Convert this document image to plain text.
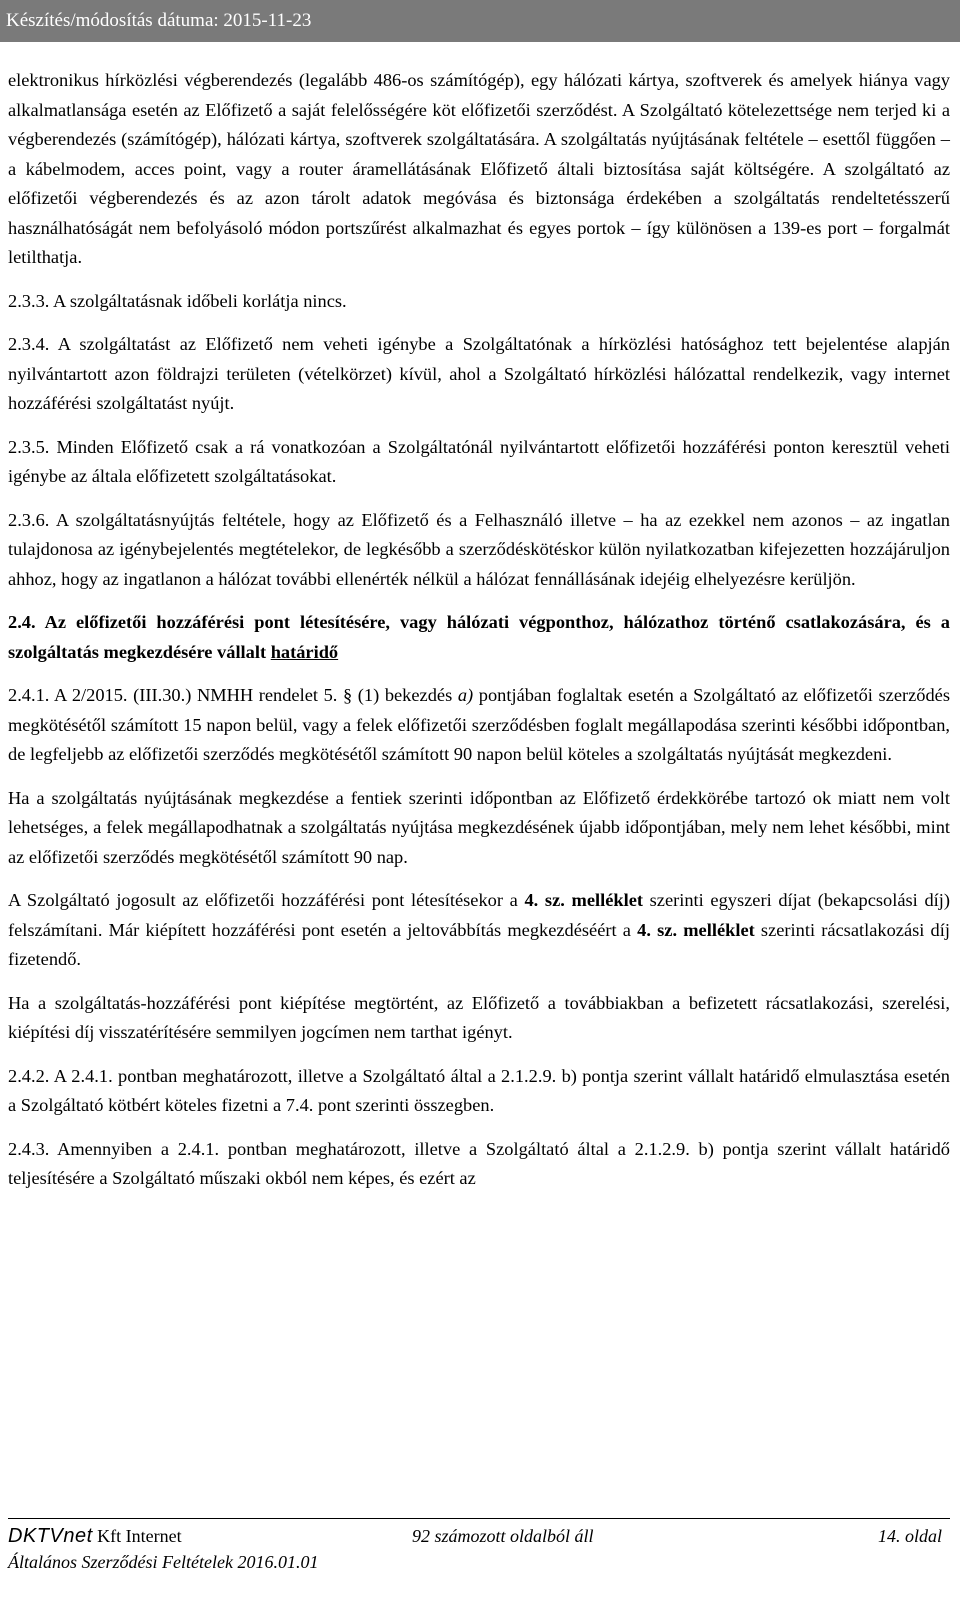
Készítés/módosítás dátuma: 2015-11-23

elektronikus hírközlési végberendezés (legalább 486-os számítógép), egy hálózati kártya, szoftverek és amelyek hiánya vagy alkalmatlansága esetén az Előfizető a saját felelősségére köt előfizetői szerződést. A Szolgáltató kötelezettsége nem terjed ki a végberendezés (számítógép), hálózati kártya, szoftverek szolgáltatására. A szolgáltatás nyújtásának feltétele – esettől függően – a kábelmodem, acces point, vagy a router áramellátásának Előfizető általi biztosítása saját költségére. A szolgáltató az előfizetői végberendezés és az azon tárolt adatok megóvása és biztonsága érdekében a szolgáltatás rendeltetésszerű használhatóságát nem befolyásoló módon portszűrést alkalmazhat és egyes portok – így különösen a 139-es port – forgalmát letilthatja.

2.3.3. A szolgáltatásnak időbeli korlátja nincs.

2.3.4. A szolgáltatást az Előfizető nem veheti igénybe a Szolgáltatónak a hírközlési hatósághoz tett bejelentése alapján nyilvántartott azon földrajzi területen (vételkörzet) kívül, ahol a Szolgáltató hírközlési hálózattal rendelkezik, vagy internet hozzáférési szolgáltatást nyújt.

2.3.5. Minden Előfizető csak a rá vonatkozóan a Szolgáltatónál nyilvántartott előfizetői hozzáférési ponton keresztül veheti igénybe az általa előfizetett szolgáltatásokat.

2.3.6. A szolgáltatásnyújtás feltétele, hogy az Előfizető és a Felhasználó illetve – ha az ezekkel nem azonos – az ingatlan tulajdonosa az igénybejelentés megtételekor, de legkésőbb a szerződéskötéskor külön nyilatkozatban kifejezetten hozzájáruljon ahhoz, hogy az ingatlanon a hálózat további ellenérték nélkül a hálózat fennállásának idejéig elhelyezésre kerüljön.

2.4. Az előfizetői hozzáférési pont létesítésére, vagy hálózati végponthoz, hálózathoz történő csatlakozására, és a szolgáltatás megkezdésére vállalt határidő

2.4.1. A 2/2015. (III.30.) NMHH rendelet 5. § (1) bekezdés a) pontjában foglaltak esetén a Szolgáltató az előfizetői szerződés megkötésétől számított 15 napon belül, vagy a felek előfizetői szerződésben foglalt megállapodása szerinti későbbi időpontban, de legfeljebb az előfizetői szerződés megkötésétől számított 90 napon belül köteles a szolgáltatás nyújtását megkezdeni.

Ha a szolgáltatás nyújtásának megkezdése a fentiek szerinti időpontban az Előfizető érdekkörébe tartozó ok miatt nem volt lehetséges, a felek megállapodhatnak a szolgáltatás nyújtása megkezdésének újabb időpontjában, mely nem lehet későbbi, mint az előfizetői szerződés megkötésétől számított 90 nap.

A Szolgáltató jogosult az előfizetői hozzáférési pont létesítésekor a 4. sz. melléklet szerinti egyszeri díjat (bekapcsolási díj) felszámítani. Már kiépített hozzáférési pont esetén a jeltovábbítás megkezdéséért a 4. sz. melléklet szerinti rácsatlakozási díj fizetendő.

Ha a szolgáltatás-hozzáférési pont kiépítése megtörtént, az Előfizető a továbbiakban a befizetett rácsatlakozási, szerelési, kiépítési díj visszatérítésére semmilyen jogcímen nem tarthat igényt.

2.4.2. A 2.4.1. pontban meghatározott, illetve a Szolgáltató által a 2.1.2.9. b) pontja szerint vállalt határidő elmulasztása esetén a Szolgáltató kötbért köteles fizetni a 7.4. pont szerinti összegben.

2.4.3. Amennyiben a 2.4.1. pontban meghatározott, illetve a Szolgáltató által a 2.1.2.9. b) pontja szerint vállalt határidő teljesítésére a Szolgáltató műszaki okból nem képes, és ezért az

DKTVnet Kft Internet	92 számozott oldalból áll	14. oldal
Általános Szerződési Feltételek 2016.01.01
